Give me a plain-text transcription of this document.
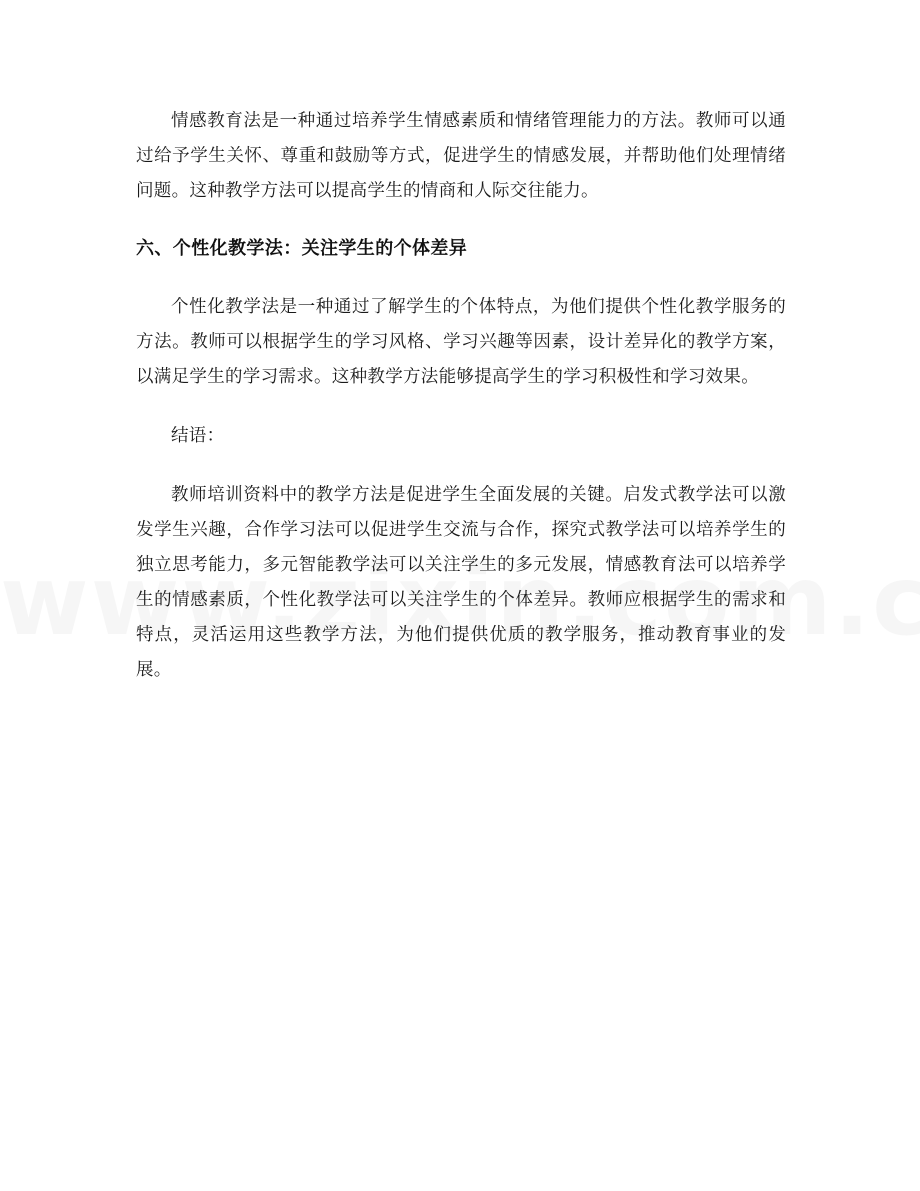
情感教育法是一种通过培养学生情感素质和情绪管理能力的方法。教师可以通过给予学生关怀、尊重和鼓励等方式，促进学生的情感发展，并帮助他们处理情绪问题。这种教学方法可以提高学生的情商和人际交往能力。

六、个性化教学法：关注学生的个体差异

个性化教学法是一种通过了解学生的个体特点，为他们提供个性化教学服务的方法。教师可以根据学生的学习风格、学习兴趣等因素，设计差异化的教学方案，以满足学生的学习需求。这种教学方法能够提高学生的学习积极性和学习效果。

结语：

教师培训资料中的教学方法是促进学生全面发展的关键。启发式教学法可以激发学生兴趣，合作学习法可以促进学生交流与合作，探究式教学法可以培养学生的独立思考能力，多元智能教学法可以关注学生的多元发展，情感教育法可以培养学生的情感素质，个性化教学法可以关注学生的个体差异。教师应根据学生的需求和特点，灵活运用这些教学方法，为他们提供优质的教学服务，推动教育事业的发展。
